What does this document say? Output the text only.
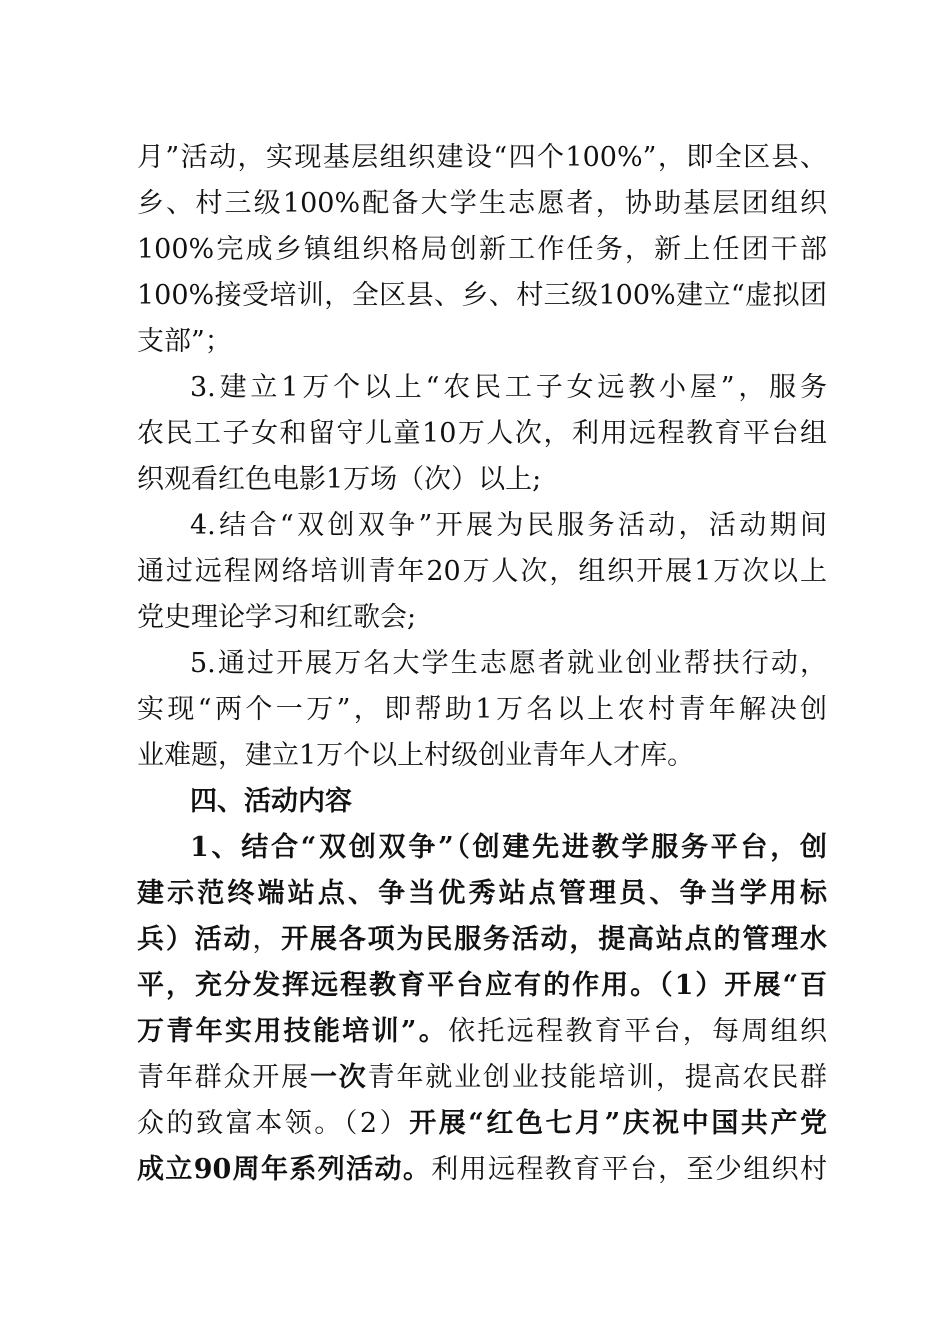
月”活动，实现基层组织建设“四个100%”，即全区县、
乡、村三级100%配备大学生志愿者，协助基层团组织
100%完成乡镇组织格局创新工作任务，新上任团干部
100%接受培训，全区县、乡、村三级100%建立“虚拟团
支部”；
3.建立1万个以上“农民工子女远教小屋”，服务
农民工子女和留守儿童10万人次，利用远程教育平台组
织观看红色电影1万场（次）以上;
4.结合“双创双争”开展为民服务活动，活动期间
通过远程网络培训青年20万人次，组织开展1万次以上
党史理论学习和红歌会;
5.通过开展万名大学生志愿者就业创业帮扶行动，
实现“两个一万”，即帮助1万名以上农村青年解决创
业难题，建立1万个以上村级创业青年人才库。
四、活动内容
1、结合“双创双争”（创建先进教学服务平台，创
建示范终端站点、争当优秀站点管理员、争当学用标
兵）活动，开展各项为民服务活动，提高站点的管理水
平，充分发挥远程教育平台应有的作用。（1）开展“百
万青年实用技能培训”。依托远程教育平台，每周组织
青年群众开展一次青年就业创业技能培训，提高农民群
众的致富本领。（2）开展“红色七月”庆祝中国共产党
成立90周年系列活动。利用远程教育平台，至少组织村
